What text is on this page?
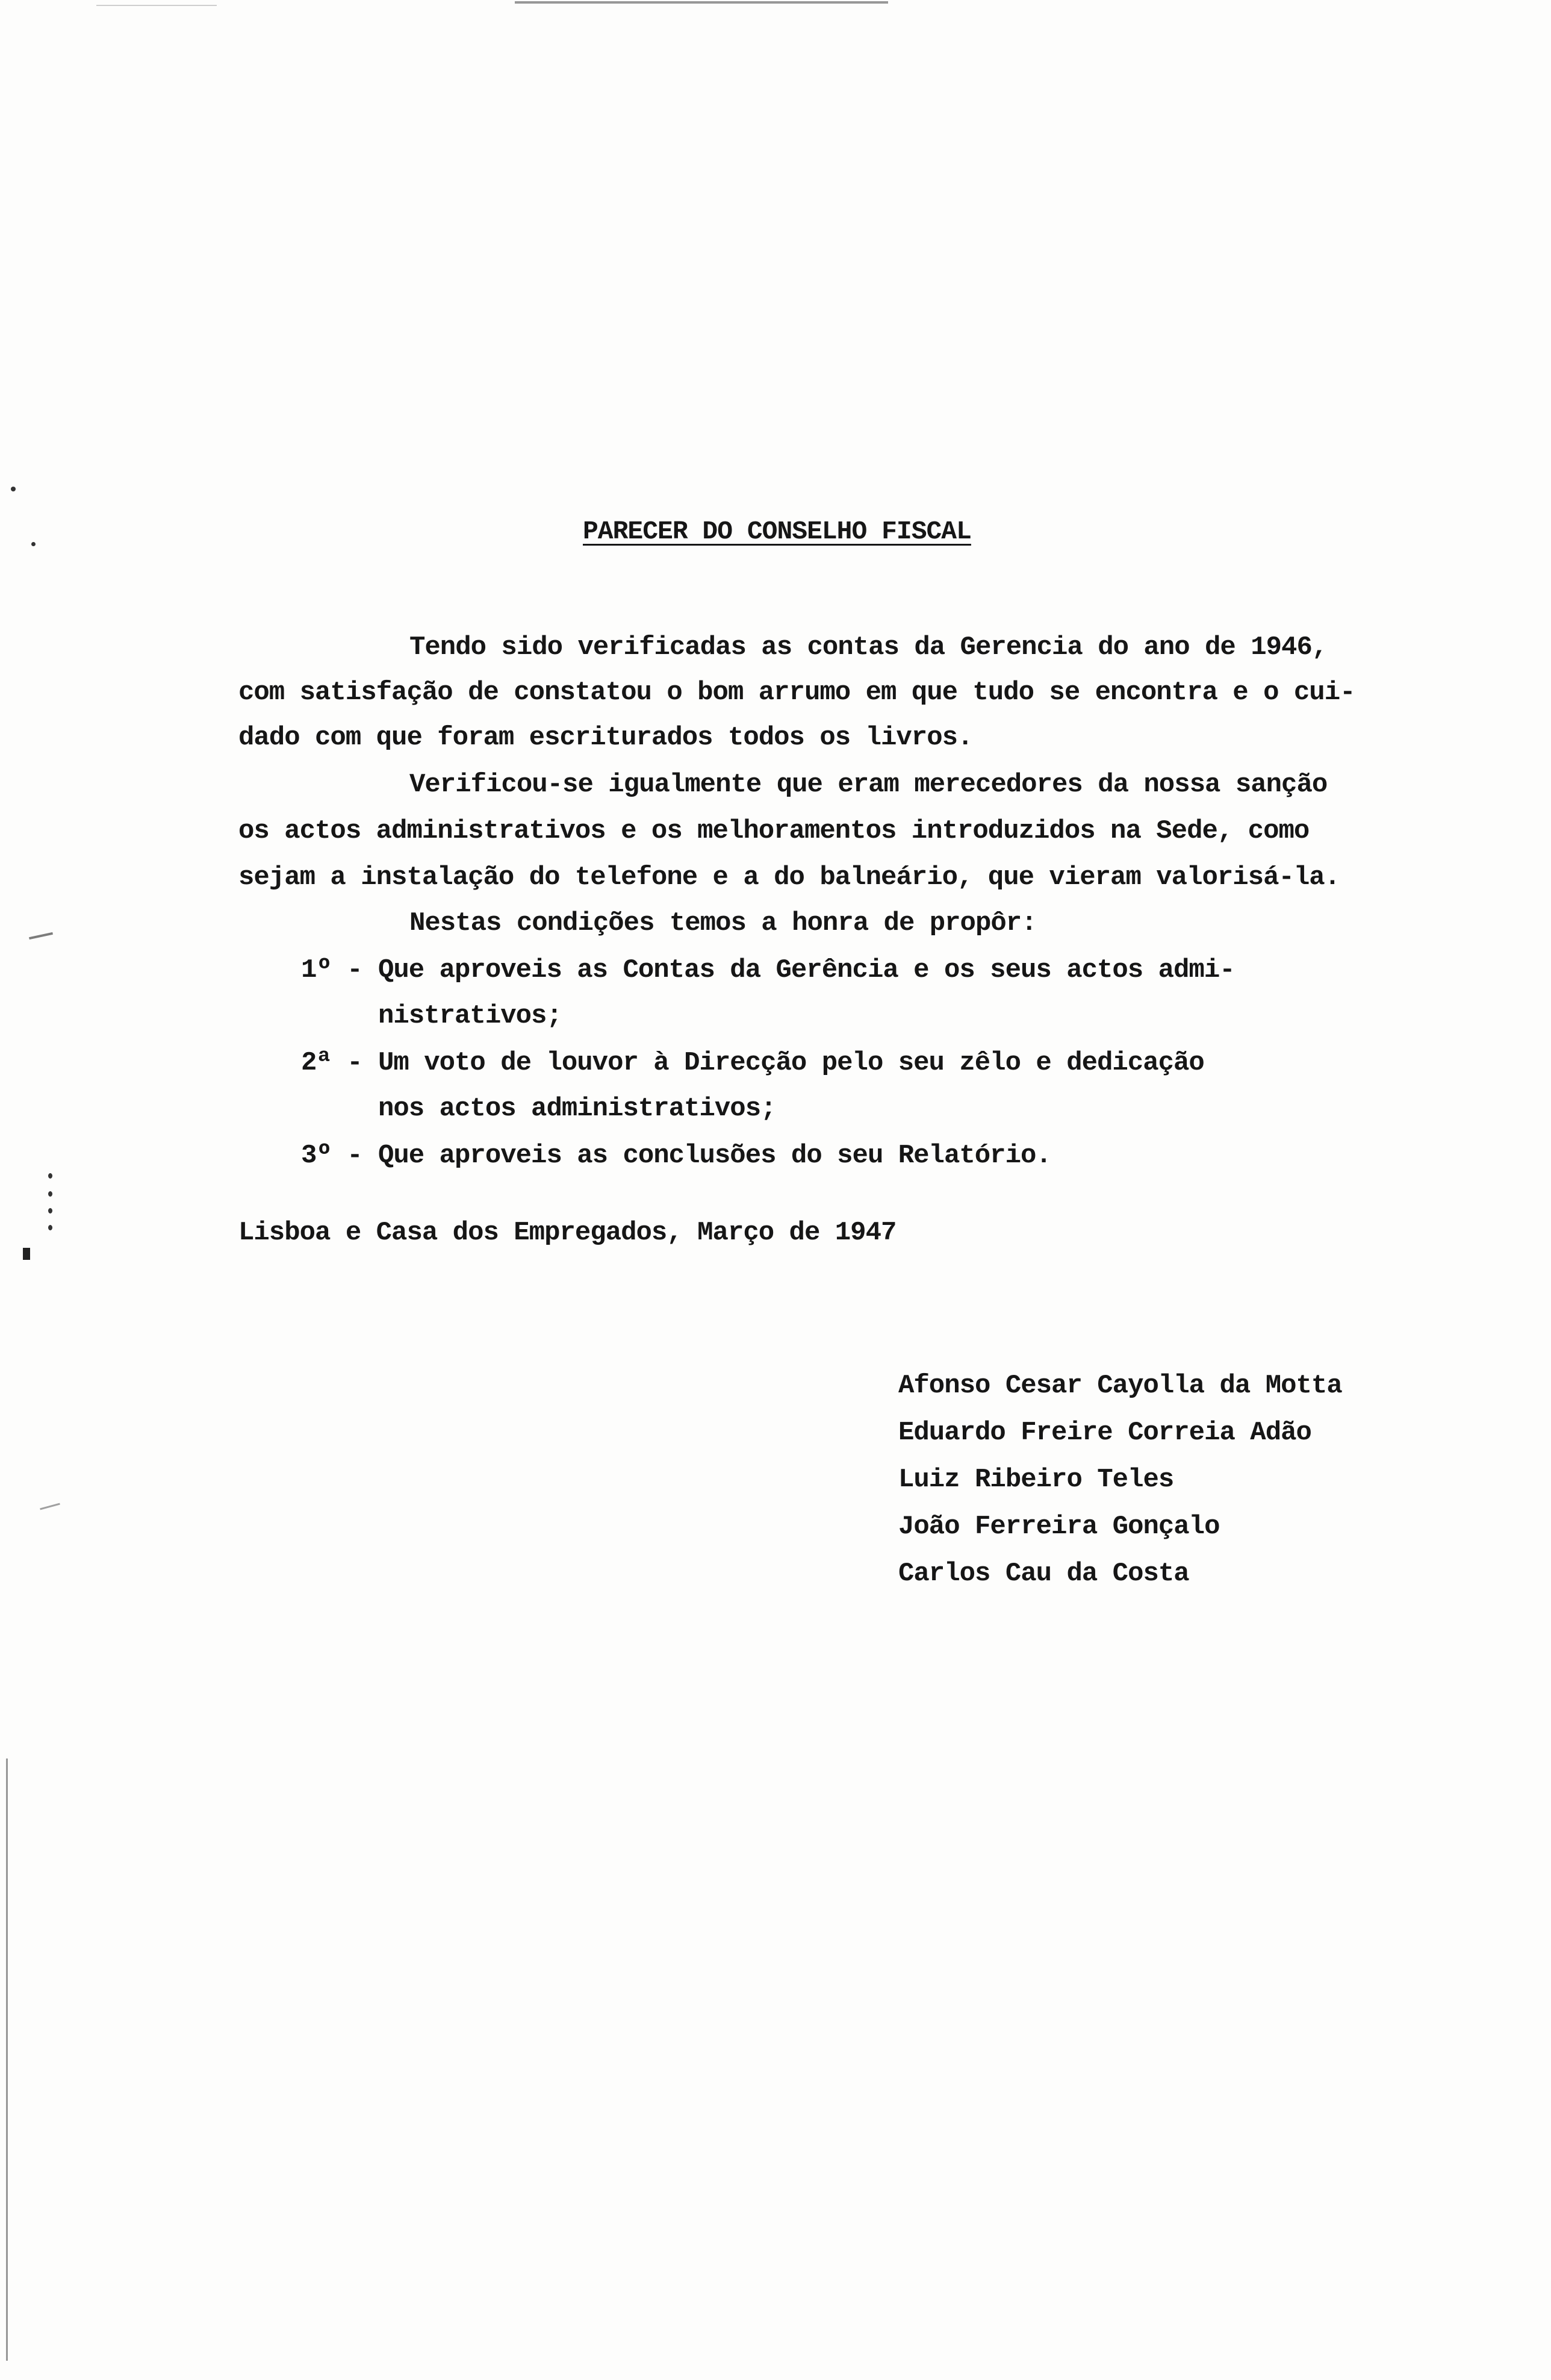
PARECER DO CONSELHO FISCAL
Tendo sido verificadas as contas da Gerencia do ano de 1946,
com satisfação de constatou o bom arrumo em que tudo se encontra e o cui-
dado com que foram escriturados todos os livros.
Verificou-se igualmente que eram merecedores da nossa sanção
os actos administrativos e os melhoramentos introduzidos na Sede, como
sejam a instalação do telefone e a do balneário, que vieram valorisá-la.
Nestas condições temos a honra de propôr:
1º - Que aproveis as Contas da Gerência e os seus actos admi-
nistrativos;
2ª - Um voto de louvor à Direcção pelo seu zêlo e dedicação
nos actos administrativos;
3º - Que aproveis as conclusões do seu Relatório.
Lisboa e Casa dos Empregados, Março de 1947
Afonso Cesar Cayolla da Motta
Eduardo Freire Correia Adão
Luiz Ribeiro Teles
João Ferreira Gonçalo
Carlos Cau da Costa
